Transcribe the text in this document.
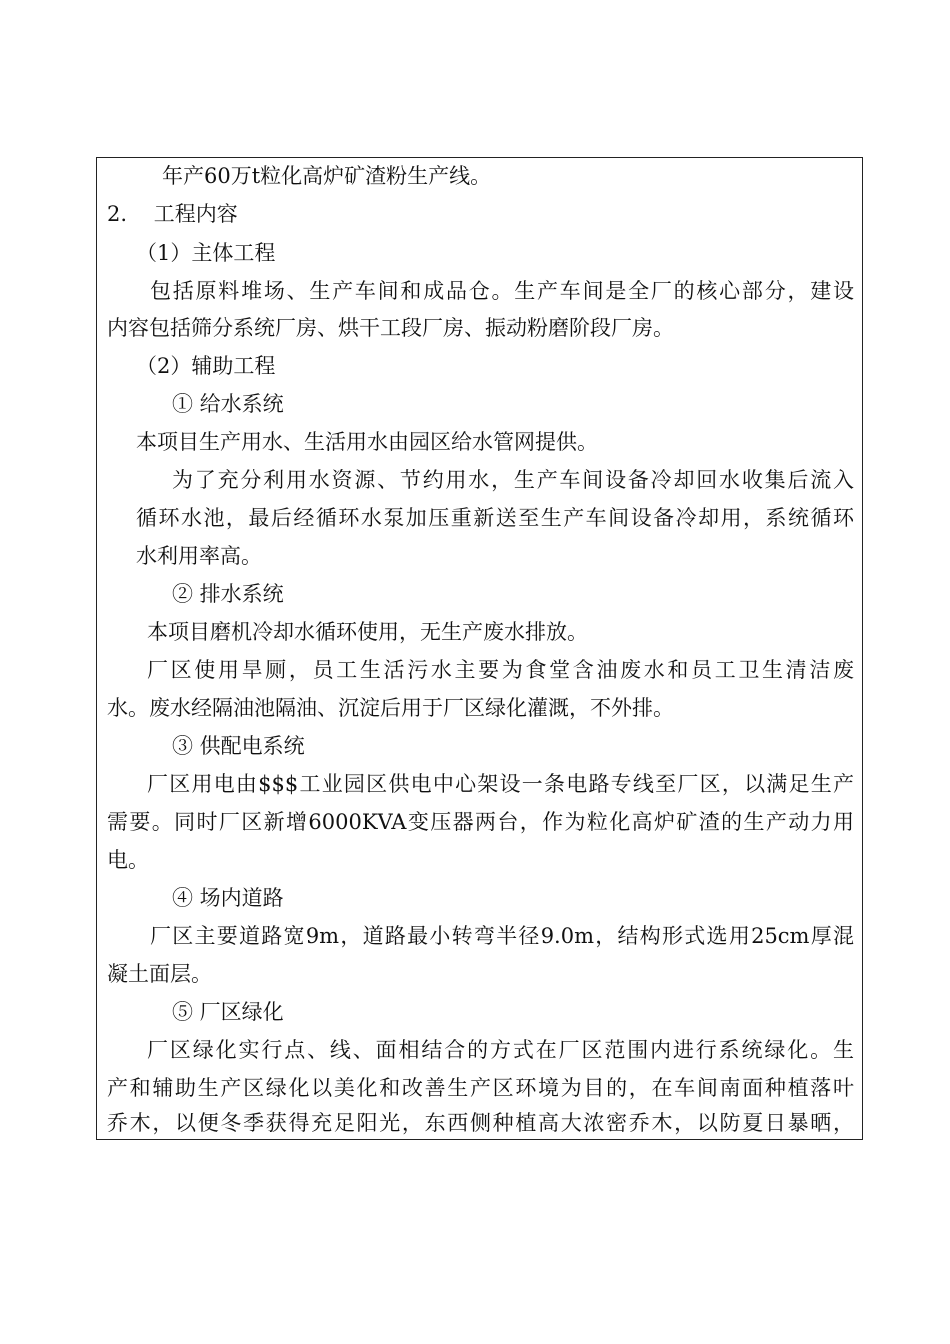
年产60万t粒化高炉矿渣粉生产线。

2.    工程内容

（1）主体工程

包括原料堆场、生产车间和成品仓。生产车间是全厂的核心部分，建设

内容包括筛分系统厂房、烘干工段厂房、振动粉磨阶段厂房。

（2）辅助工程

① 给水系统

本项目生产用水、生活用水由园区给水管网提供。

为了充分利用水资源、节约用水，生产车间设备冷却回水收集后流入

循环水池，最后经循环水泵加压重新送至生产车间设备冷却用，系统循环

水利用率高。

② 排水系统

本项目磨机冷却水循环使用，无生产废水排放。

厂区使用旱厕，员工生活污水主要为食堂含油废水和员工卫生清洁废

水。废水经隔油池隔油、沉淀后用于厂区绿化灌溉，不外排。

③ 供配电系统

厂区用电由$$$工业园区供电中心架设一条电路专线至厂区，以满足生产

需要。同时厂区新增6000KVA变压器两台，作为粒化高炉矿渣的生产动力用

电。

④ 场内道路

厂区主要道路宽9m，道路最小转弯半径9.0m，结构形式选用25cm厚混

凝土面层。

⑤ 厂区绿化

厂区绿化实行点、线、面相结合的方式在厂区范围内进行系统绿化。生

产和辅助生产区绿化以美化和改善生产区环境为目的，在车间南面种植落叶

乔木，以便冬季获得充足阳光，东西侧种植高大浓密乔木，以防夏日暴晒，
